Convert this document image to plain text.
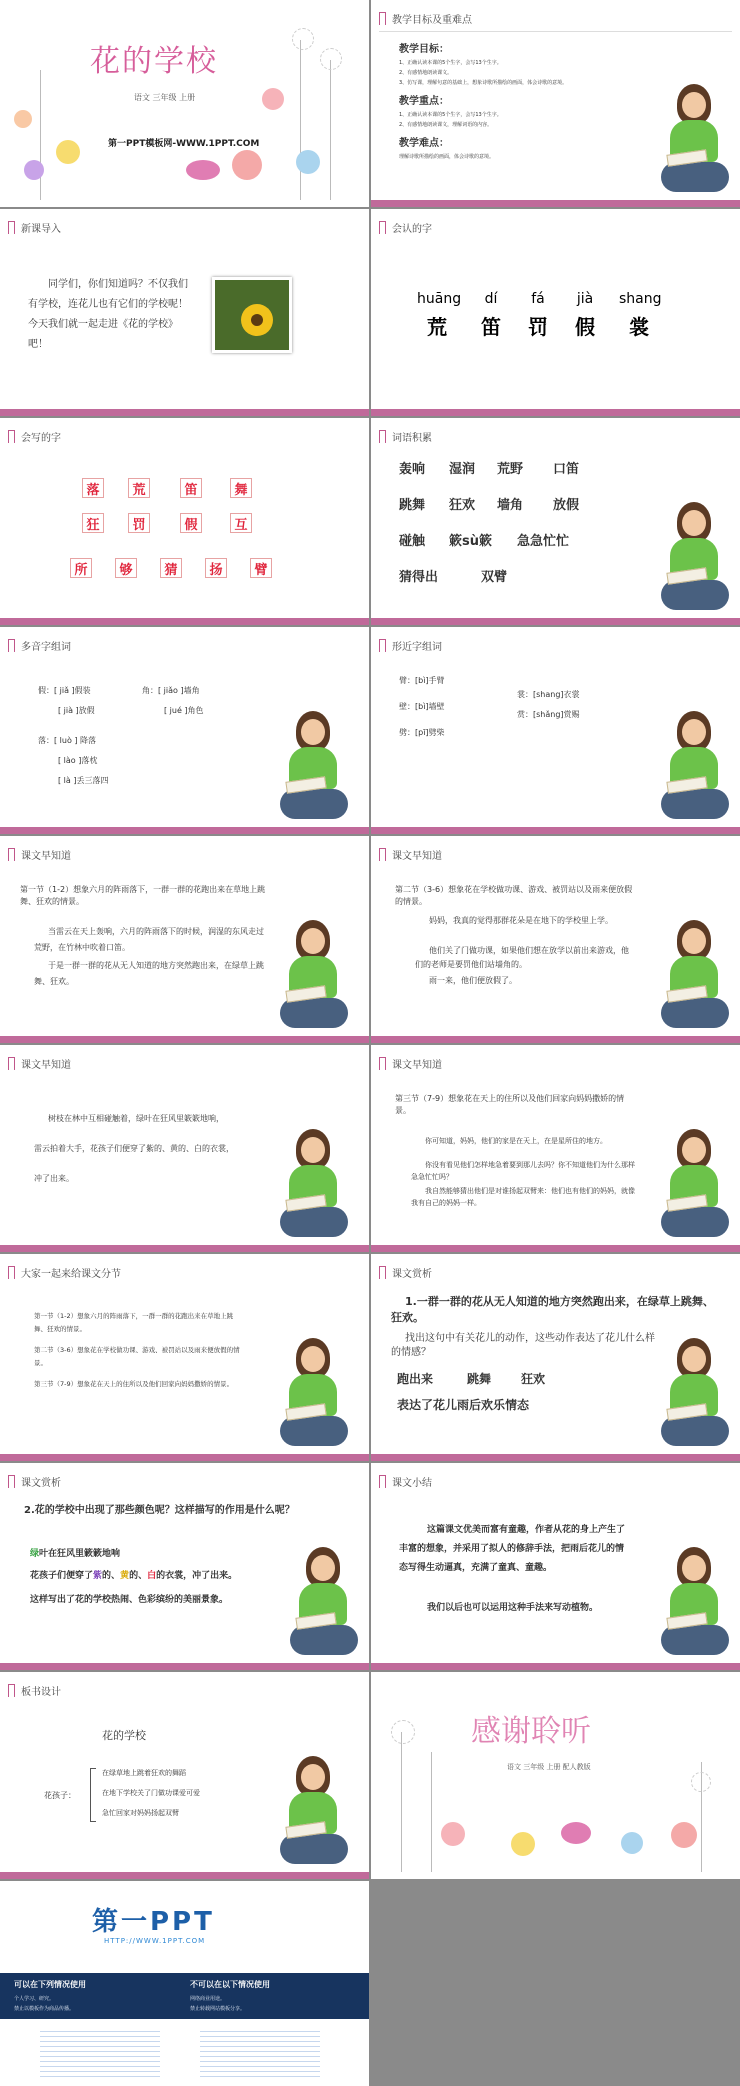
花的学校
语文 三年级 上册
第一PPT模板网-WWW.1PPT.COM
教学目标及重难点
教学目标：
1、正确认读本课的5个生字，会写13个生字。
2、有感情地朗读课文。
3、仿写课，理解句意的基础上，想象诗歌所描绘的画面，体会诗歌的意境。
教学重点：
1、正确认读本课的5个生字，会写13个生字。
2、有感情地朗读课文，理解词语的内容。
教学难点：
理解诗歌所描绘的画面，体会诗歌的意境。
新课导入
同学们，你们知道吗？不仅我们有学校，连花儿也有它们的学校呢！今天我们就一起走进《花的学校》吧！
会认的字
huāng	dí	fá	jià shang
荒	笛 罚 假	裳
会写的字
落	荒	笛	舞
狂	罚	假	互
所	够	猜	扬	臂
词语积累
轰响 湿润 荒野 口笛
跳舞 狂欢 墙角 放假
碰触 簌sù簌 急急忙忙
猜得出	双臂
多音字组词
假：[ jiǎ ]假装
[ jià ]放假
角：[ jiǎo ]墙角
[ jué ]角色
落：[ luò ] 降落
[ lào ]落枕
[ là ]丢三落四
形近字组词
臂：[bì]手臂
壁：[bì]墙壁
劈：[pī]劈柴
裳：[shang]衣裳
赏：[shǎng]赏赐
课文早知道
第一节（1-2）想象六月的阵雨落下，一群一群的花跑出来在草地上跳舞、狂欢的情景。
当雷云在天上轰响，六月的阵雨落下的时候，润湿的东风走过荒野，在竹林中吹着口笛。
于是一群一群的花从无人知道的地方突然跑出来，在绿草上跳舞、狂欢。
课文早知道
第二节（3-6）想象花在学校做功课、游戏、被罚站以及雨来便放假的情景。
妈妈，我真的觉得那群花朵是在地下的学校里上学。
他们关了门做功课，如果他们想在放学以前出来游戏，他们的老师是要罚他们站墙角的。
雨一来，他们便放假了。
课文早知道
树枝在林中互相碰触着，绿叶在狂风里簌簌地响，
雷云拍着大手，花孩子们便穿了紫的、黄的、白的衣裳，
冲了出来。
课文早知道
第三节（7-9）想象花在天上的住所以及他们回家向妈妈撒娇的情景。
你可知道，妈妈，他们的家是在天上，在是星所住的地方。
你没有看见他们怎样地急着要到那儿去吗？你不知道他们为什么那样急急忙忙吗？
我自然能够猜出他们是对谁扬起双臂来：他们也有他们的妈妈，就像我有自己的妈妈一样。
大家一起来给课文分节
第一节（1-2）想象六月的阵雨落下，一群一群的花跑出来在草地上跳舞、狂欢的情景。
第二节（3-6）想象花在学校做功课、游戏、被罚站以及雨来便放假的情景。
第三节（7-9）想象花在天上的住所以及他们回家向妈妈撒娇的情景。
课文赏析
1.一群一群的花从无人知道的地方突然跑出来，在绿草上跳舞、狂欢。
找出这句中有关花儿的动作，这些动作表达了花儿什么样的情感？
跑出来	跳舞 狂欢
表达了花儿雨后欢乐情态
课文赏析
2.花的学校中出现了那些颜色呢？这样描写的作用是什么呢？
绿叶在狂风里簌簌地响
花孩子们便穿了紫的、黄的、白的衣裳，冲了出来。
这样写出了花的学校热闹、色彩缤纷的美丽景象。
课文小结
这篇课文优美而富有童趣，作者从花的身上产生了丰富的想象，并采用了拟人的修辞手法，把雨后花儿的情态写得生动逼真，充满了童真、童趣。
我们以后也可以运用这种手法来写动植物。
板书设计
花的学校
花孩子：
在绿草地上跳着狂欢的舞蹈
在地下学校关了门做功课爱可爱
急忙回家对妈妈扬起双臂
感谢聆听
语文 三年级 上册 配人教版
第一PPT
HTTP://WWW.1PPT.COM
可以在下列情况使用	不可以在以下情况使用
个人学习、研究。
禁止以模板作为商品传播。
网络商业用途。
禁止转载网站模板分享。
